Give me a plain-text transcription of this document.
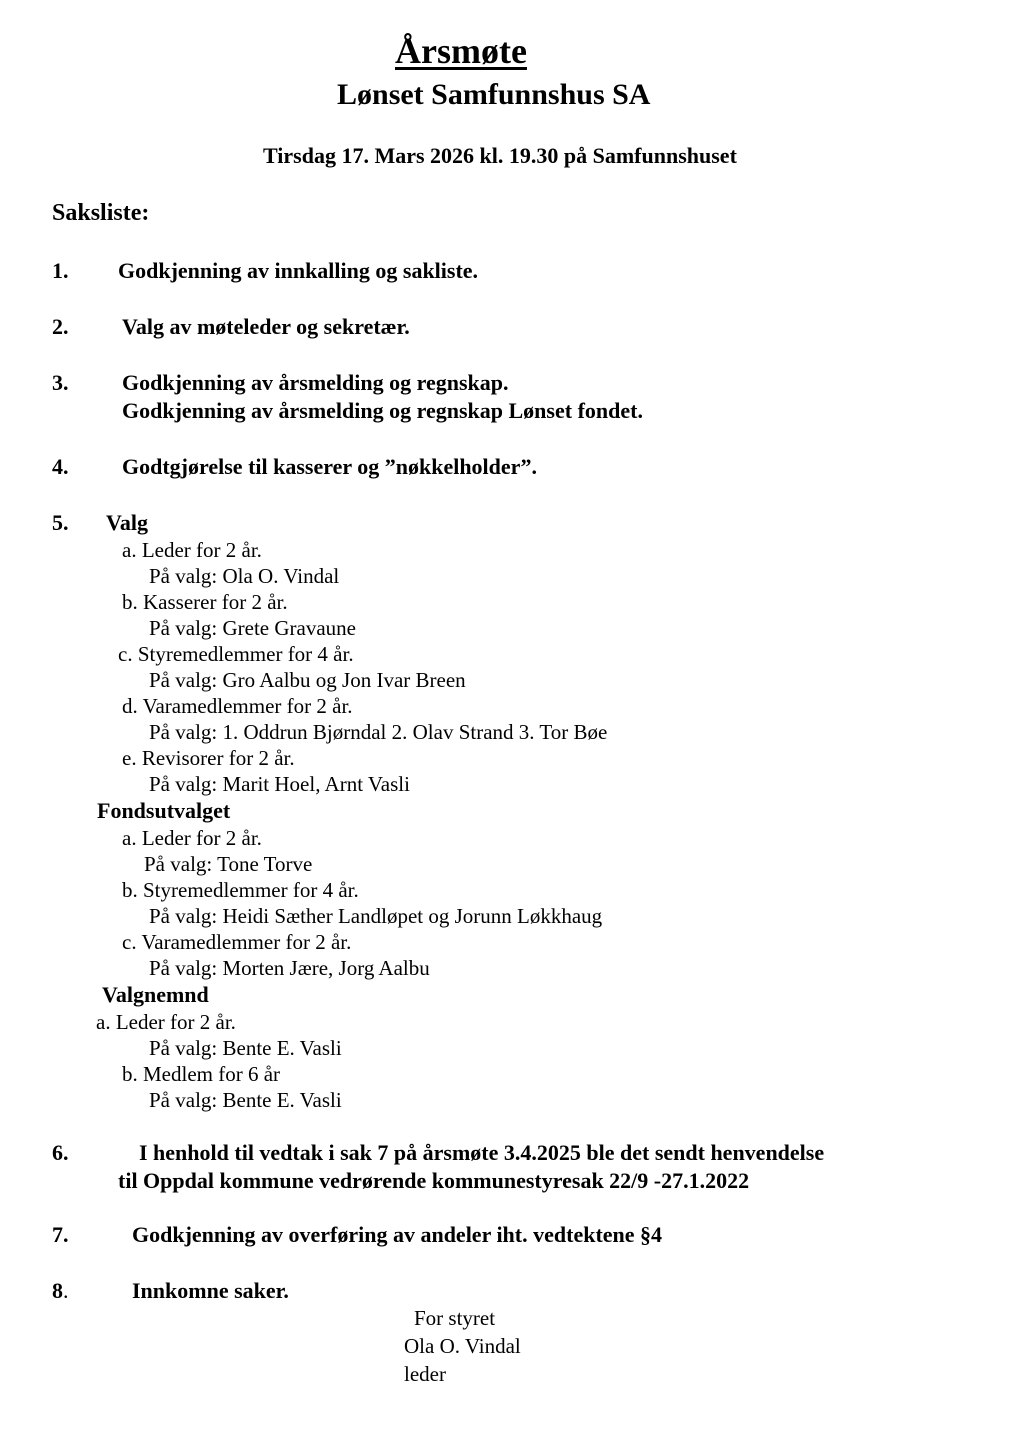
Årsmøte
Lønset Samfunnshus SA
Tirsdag 17. Mars 2026 kl. 19.30 på Samfunnshuset
Saksliste:
1. Godkjenning av innkalling og sakliste.
2. Valg av møteleder og sekretær.
3. Godkjenning av årsmelding og regnskap.
Godkjenning av årsmelding og regnskap Lønset fondet.
4. Godtgjørelse til kasserer og ”nøkkelholder”.
5. Valg
a. Leder for 2 år.
På valg: Ola O. Vindal
b. Kasserer for 2 år.
På valg: Grete Gravaune
c. Styremedlemmer for 4 år.
På valg: Gro Aalbu og Jon Ivar Breen
d. Varamedlemmer for 2 år.
På valg: 1. Oddrun Bjørndal 2. Olav Strand 3. Tor Bøe
e. Revisorer for 2 år.
På valg: Marit Hoel, Arnt Vasli
Fondsutvalget
a. Leder for 2 år.
På valg: Tone Torve
b. Styremedlemmer for 4 år.
På valg: Heidi Sæther Landløpet og Jorunn Løkkhaug
c. Varamedlemmer for 2 år.
På valg: Morten Jære, Jorg Aalbu
Valgnemnd
a. Leder for 2 år.
På valg: Bente E. Vasli
b. Medlem for 6 år
På valg: Bente E. Vasli
6.	I henhold til vedtak i sak 7 på årsmøte 3.4.2025 ble det sendt henvendelse
til Oppdal kommune vedrørende kommunestyresak 22/9 -27.1.2022
7.	Godkjenning av overføring av andeler iht. vedtektene §4
8.	Innkomne saker.
For styret
Ola O. Vindal
leder
